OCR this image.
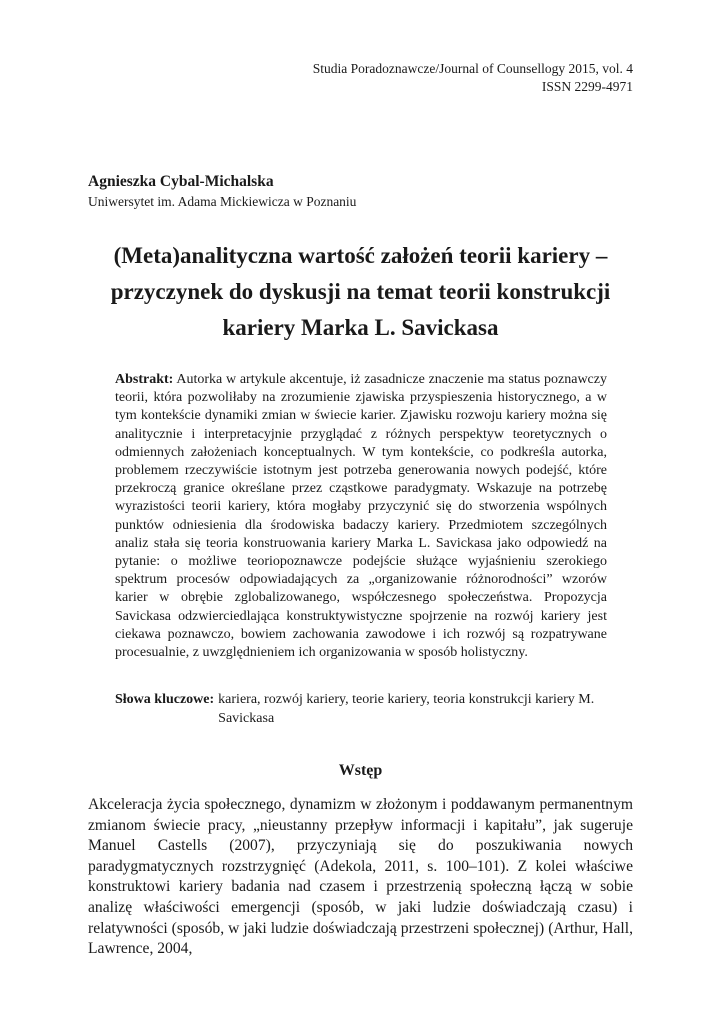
Studia Poradoznawcze/Journal of Counsellogy 2015, vol. 4
ISSN 2299-4971
Agnieszka Cybal-Michalska
Uniwersytet im. Adama Mickiewicza w Poznaniu
(Meta)analityczna wartość założeń teorii kariery – przyczynek do dyskusji na temat teorii konstrukcji kariery Marka L. Savickasa
Abstrakt: Autorka w artykule akcentuje, iż zasadnicze znaczenie ma status poznawczy teorii, która pozwoliłaby na zrozumienie zjawiska przyspieszenia historycznego, a w tym kontekście dynamiki zmian w świecie karier. Zjawisku rozwoju kariery można się analitycznie i interpretacyjnie przyglądać z różnych perspektyw teoretycznych o odmiennych założeniach konceptualnych. W tym kontekście, co podkreśla autorka, problemem rzeczywiście istotnym jest potrzeba generowania nowych podejść, które przekroczą granice określane przez cząstkowe paradygmaty. Wskazuje na potrzebę wyrazistości teorii kariery, która mogłaby przyczynić się do stworzenia wspólnych punktów odniesienia dla środowiska badaczy kariery. Przedmiotem szczególnych analiz stała się teoria konstruowania kariery Marka L. Savickasa jako odpowiedź na pytanie: o możliwe teoriopoznawcze podejście służące wyjaśnieniu szerokiego spektrum procesów odpowiadających za „organizowanie różnorodności” wzorów karier w obrębie zglobalizowanego, współczesnego społeczeństwa. Propozycja Savickasa odzwierciedlająca konstruktywistyczne spojrzenie na rozwój kariery jest ciekawa poznawczo, bowiem zachowania zawodowe i ich rozwój są rozpatrywane procesualnie, z uwzględnieniem ich organizowania w sposób holistyczny.
Słowa kluczowe: kariera, rozwój kariery, teorie kariery, teoria konstrukcji kariery M. Savickasa
Wstęp
Akceleracja życia społecznego, dynamizm w złożonym i poddawanym permanentnym zmianom świecie pracy, „nieustanny przepływ informacji i kapitału”, jak sugeruje Manuel Castells (2007), przyczyniają się do poszukiwania nowych paradygmatycznych rozstrzygnięć (Adekola, 2011, s. 100–101). Z kolei właściwe konstruktowi kariery badania nad czasem i przestrzenią społeczną łączą w sobie analizę właściwości emergencji (sposób, w jaki ludzie doświadczają czasu) i relatywności (sposób, w jaki ludzie doświadczają przestrzeni społecznej) (Arthur, Hall, Lawrence, 2004,
